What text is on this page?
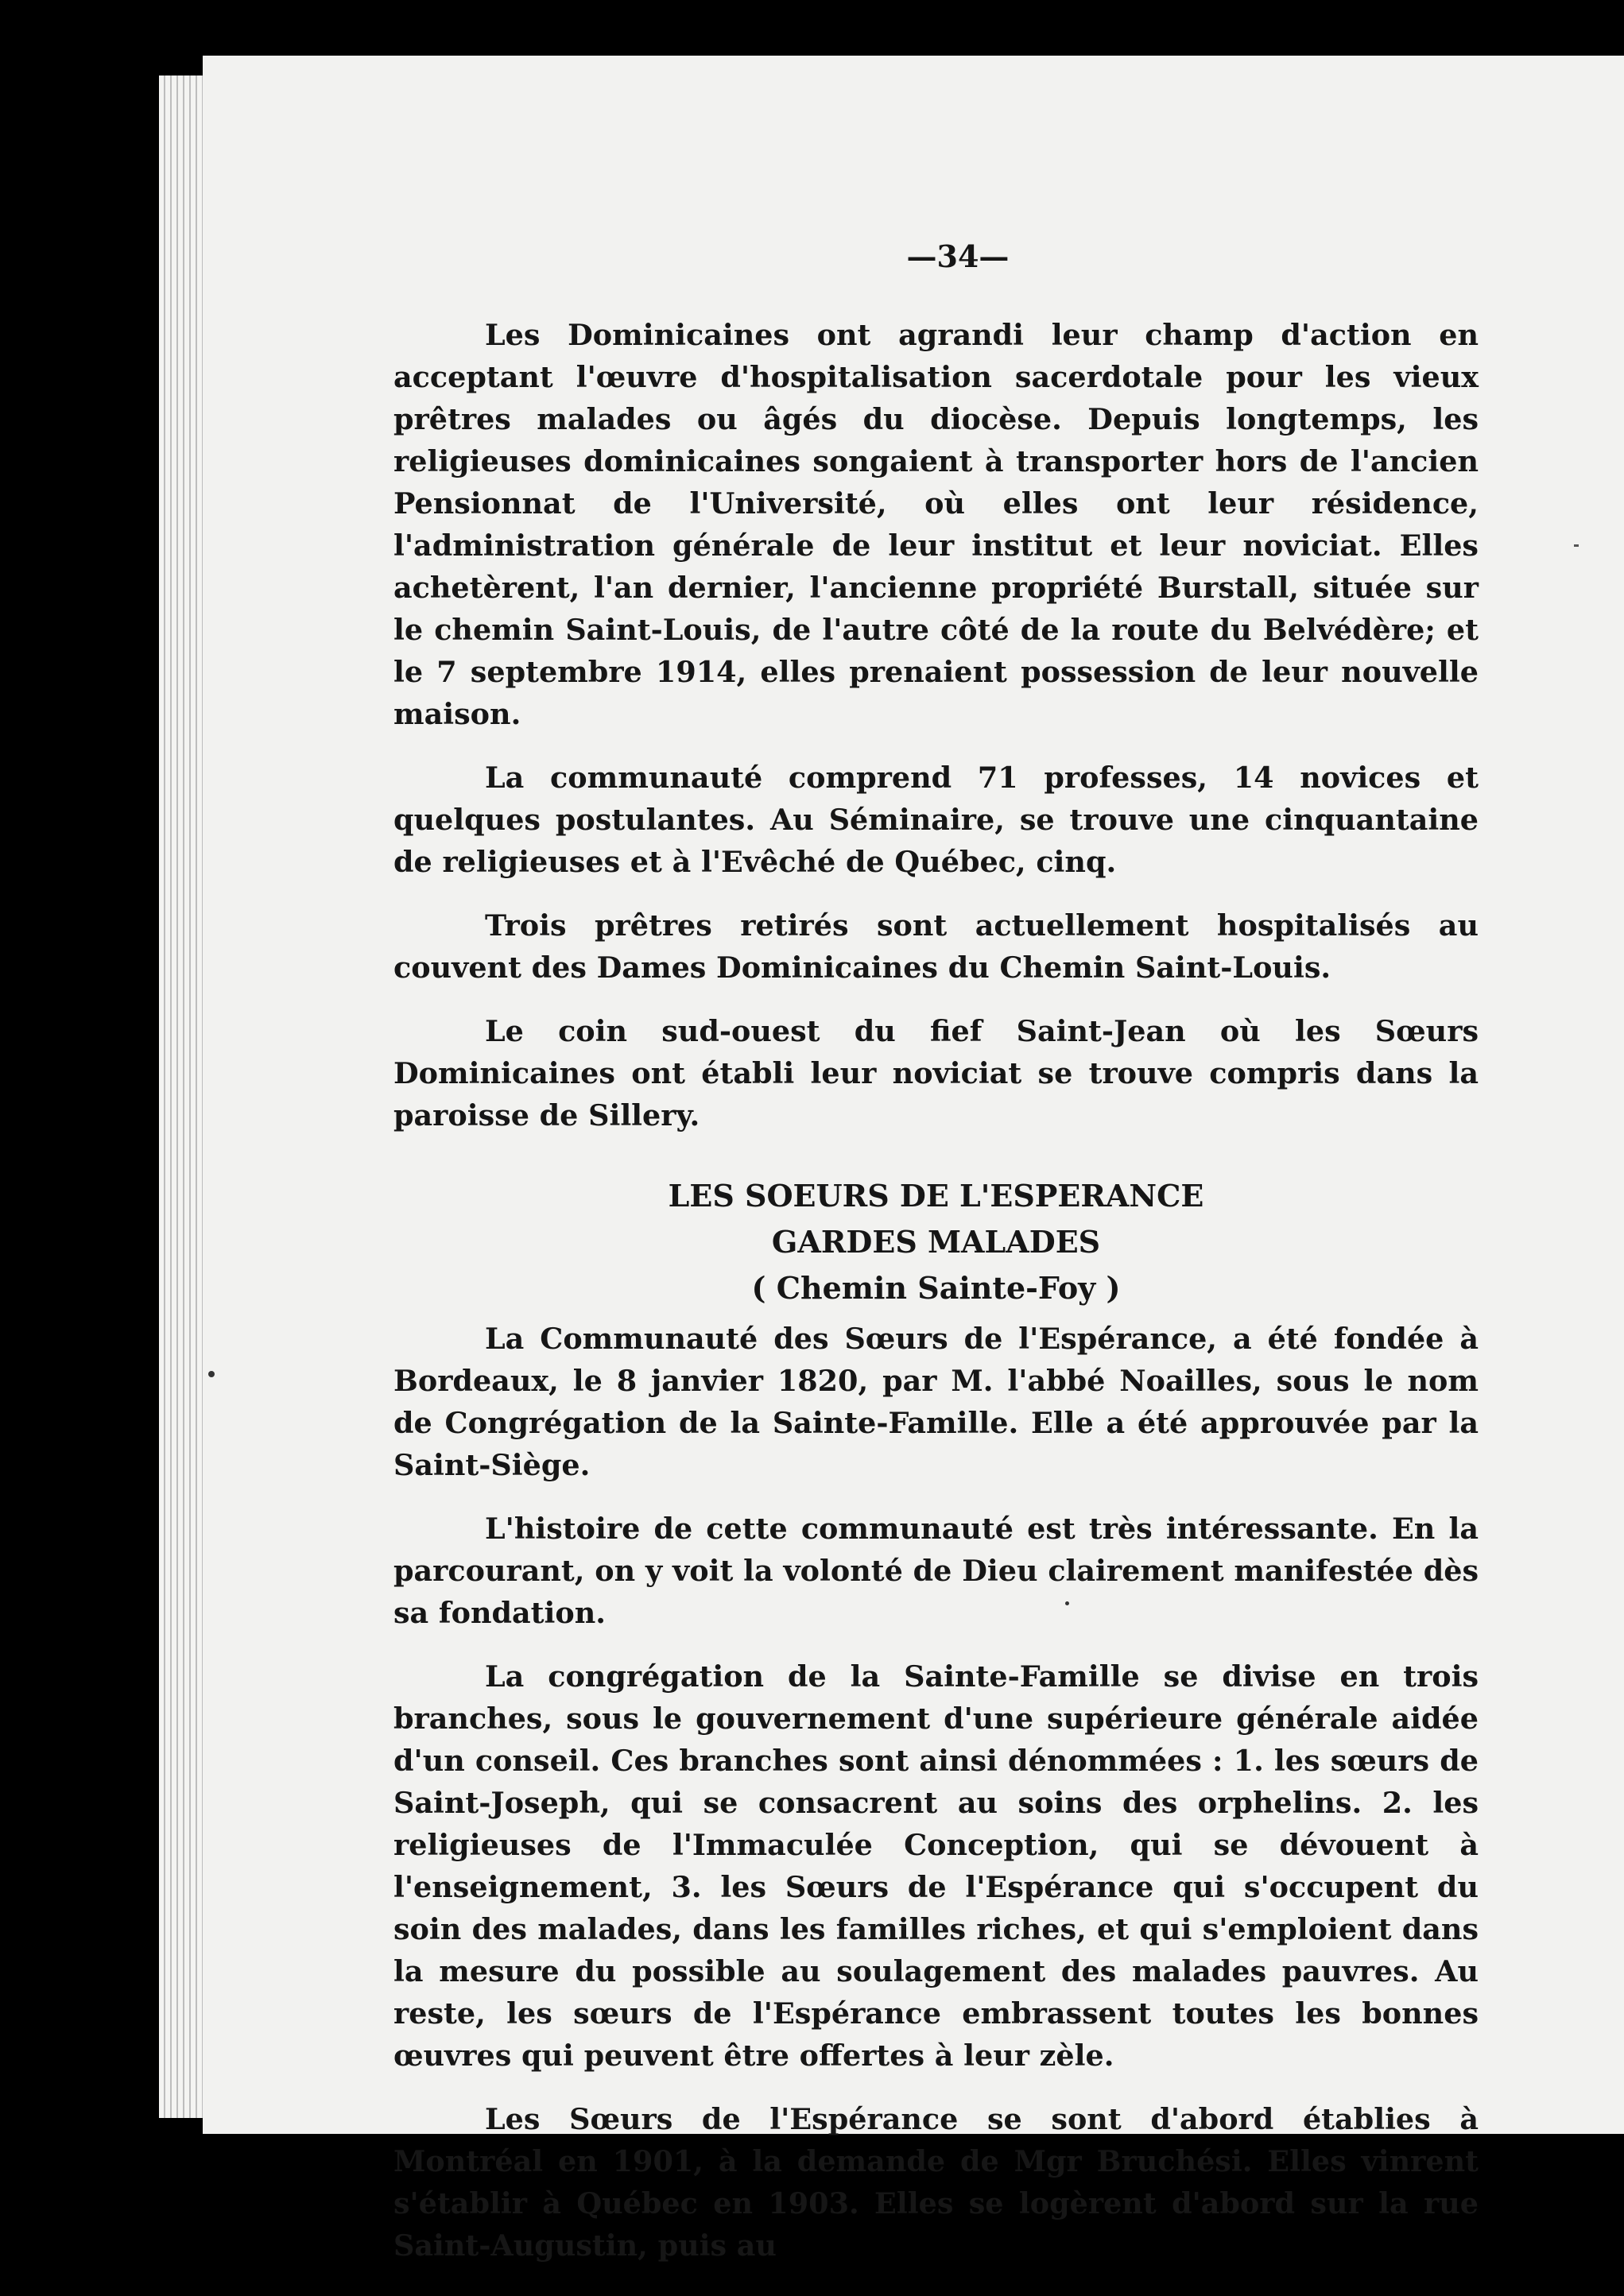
—34—

Les Dominicaines ont agrandi leur champ d'action en acceptant l'œuvre d'hospitalisation sacerdotale pour les vieux prêtres malades ou âgés du diocèse. Depuis longtemps, les religieuses dominicaines songaient à transporter hors de l'ancien Pensionnat de l'Université, où elles ont leur résidence, l'administration générale de leur institut et leur noviciat. Elles achetèrent, l'an dernier, l'ancienne propriété Burstall, située sur le chemin Saint-Louis, de l'autre côté de la route du Belvédère; et le 7 septembre 1914, elles prenaient possession de leur nouvelle maison.

La communauté comprend 71 professes, 14 novices et quelques postulantes. Au Séminaire, se trouve une cinquantaine de religieuses et à l'Evêché de Québec, cinq.

Trois prêtres retirés sont actuellement hospitalisés au couvent des Dames Dominicaines du Chemin Saint-Louis.

Le coin sud-ouest du fief Saint-Jean où les Sœurs Dominicaines ont établi leur noviciat se trouve compris dans la paroisse de Sillery.

LES SOEURS DE L'ESPERANCE

GARDES MALADES

( Chemin Sainte-Foy )

La Communauté des Sœurs de l'Espérance, a été fondée à Bordeaux, le 8 janvier 1820, par M. l'abbé Noailles, sous le nom de Congrégation de la Sainte-Famille. Elle a été approuvée par la Saint-Siège.

L'histoire de cette communauté est très intéressante. En la parcourant, on y voit la volonté de Dieu clairement manifestée dès sa fondation.

La congrégation de la Sainte-Famille se divise en trois branches, sous le gouvernement d'une supérieure générale aidée d'un conseil. Ces branches sont ainsi dénommées : 1. les sœurs de Saint-Joseph, qui se consacrent au soins des orphelins. 2. les religieuses de l'Immaculée Conception, qui se dévouent à l'enseignement, 3. les Sœurs de l'Espérance qui s'occupent du soin des malades, dans les familles riches, et qui s'emploient dans la mesure du possible au soulagement des malades pauvres. Au reste, les sœurs de l'Espérance embrassent toutes les bonnes œuvres qui peuvent être offertes à leur zèle.

Les Sœurs de l'Espérance se sont d'abord établies à Montréal en 1901, à la demande de Mgr Bruchési. Elles vinrent s'établir à Québec en 1903. Elles se logèrent d'abord sur la rue Saint-Augustin, puis au
